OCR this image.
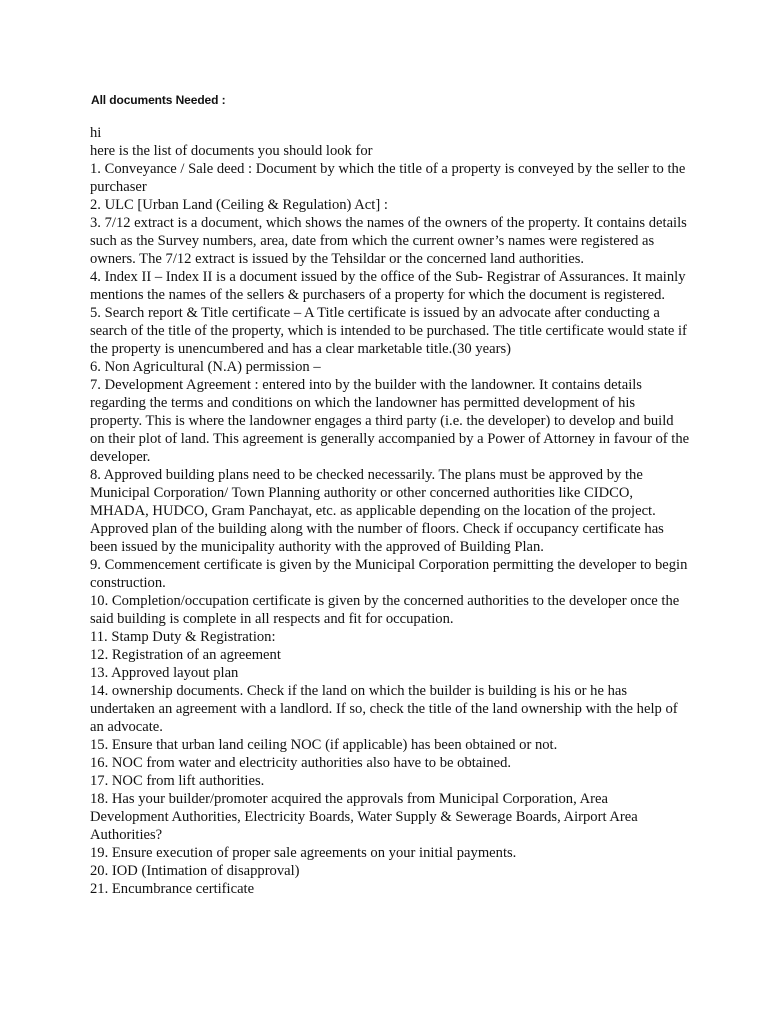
All documents Needed :

hi

here is the list of documents you should look for

1. Conveyance / Sale deed : Document by which the title of a property is conveyed by the seller to the purchaser

2. ULC [Urban Land (Ceiling & Regulation) Act] :

3. 7/12 extract is a document, which shows the names of the owners of the property. It contains details such as the Survey numbers, area, date from which the current owner’s names were registered as owners. The 7/12 extract is issued by the Tehsildar or the concerned land authorities.

4. Index II – Index II is a document issued by the office of the Sub- Registrar of Assurances. It mainly mentions the names of the sellers & purchasers of a property for which the document is registered.

5. Search report & Title certificate – A Title certificate is issued by an advocate after conducting a search of the title of the property, which is intended to be purchased. The title certificate would state if the property is unencumbered and has a clear marketable title.(30 years)

6. Non Agricultural (N.A) permission –

7. Development Agreement : entered into by the builder with the landowner. It contains details regarding the terms and conditions on which the landowner has permitted development of his property. This is where the landowner engages a third party (i.e. the developer) to develop and build on their plot of land. This agreement is generally accompanied by a Power of Attorney in favour of the developer.

8. Approved building plans need to be checked necessarily. The plans must be approved by the Municipal Corporation/ Town Planning authority or other concerned authorities like CIDCO, MHADA, HUDCO, Gram Panchayat, etc. as applicable depending on the location of the project. Approved plan of the building along with the number of floors. Check if occupancy certificate has been issued by the municipality authority with the approved of Building Plan.

9. Commencement certificate is given by the Municipal Corporation permitting the developer to begin construction.

10. Completion/occupation certificate is given by the concerned authorities to the developer once the said building is complete in all respects and fit for occupation.

11. Stamp Duty & Registration:

12. Registration of an agreement

13. Approved layout plan

14. ownership documents. Check if the land on which the builder is building is his or he has undertaken an agreement with a landlord. If so, check the title of the land ownership with the help of an advocate.

15. Ensure that urban land ceiling NOC (if applicable) has been obtained or not.

16. NOC from water and electricity authorities also have to be obtained.

17. NOC from lift authorities.

18. Has your builder/promoter acquired the approvals from Municipal Corporation, Area Development Authorities, Electricity Boards, Water Supply & Sewerage Boards, Airport Area Authorities?

19. Ensure execution of proper sale agreements on your initial payments.

20. IOD (Intimation of disapproval)

21. Encumbrance certificate
